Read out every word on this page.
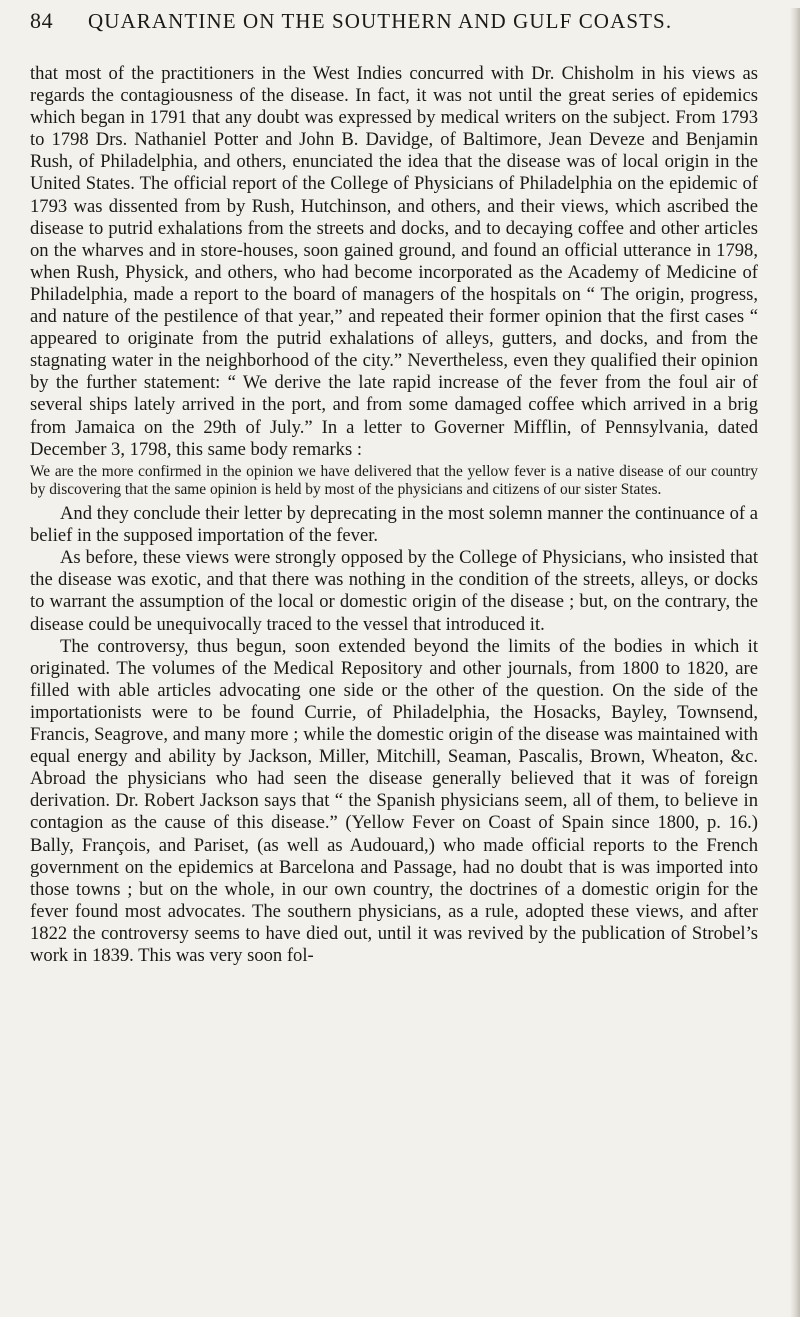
84	QUARANTINE ON THE SOUTHERN AND GULF COASTS.

that most of the practitioners in the West Indies concurred with Dr. Chisholm in his views as regards the contagiousness of the disease. In fact, it was not until the great series of epidemics which began in 1791 that any doubt was expressed by medical writers on the subject. From 1793 to 1798 Drs. Nathaniel Potter and John B. Davidge, of Baltimore, Jean Deveze and Benjamin Rush, of Philadelphia, and others, enunciated the idea that the disease was of local origin in the United States. The official report of the College of Physicians of Philadelphia on the epidemic of 1793 was dissented from by Rush, Hutchinson, and others, and their views, which ascribed the disease to putrid exhalations from the streets and docks, and to decaying coffee and other articles on the wharves and in store-houses, soon gained ground, and found an official utterance in 1798, when Rush, Physick, and others, who had become incorporated as the Academy of Medicine of Philadelphia, made a report to the board of managers of the hospitals on “ The origin, progress, and nature of the pestilence of that year,” and repeated their former opinion that the first cases “ appeared to originate from the putrid exhalations of alleys, gutters, and docks, and from the stagnating water in the neighborhood of the city.” Nevertheless, even they qualified their opinion by the further statement: “ We derive the late rapid increase of the fever from the foul air of several ships lately arrived in the port, and from some damaged coffee which arrived in a brig from Jamaica on the 29th of July.” In a letter to Governer Mifflin, of Pennsylvania, dated December 3, 1798, this same body remarks :

We are the more confirmed in the opinion we have delivered that the yellow fever is a native disease of our country by discovering that the same opinion is held by most of the physicians and citizens of our sister States.

And they conclude their letter by deprecating in the most solemn manner the continuance of a belief in the supposed importation of the fever.

As before, these views were strongly opposed by the College of Physicians, who insisted that the disease was exotic, and that there was nothing in the condition of the streets, alleys, or docks to warrant the assumption of the local or domestic origin of the disease ; but, on the contrary, the disease could be unequivocally traced to the vessel that introduced it.

The controversy, thus begun, soon extended beyond the limits of the bodies in which it originated. The volumes of the Medical Repository and other journals, from 1800 to 1820, are filled with able articles advocating one side or the other of the question. On the side of the importationists were to be found Currie, of Philadelphia, the Hosacks, Bayley, Townsend, Francis, Seagrove, and many more ; while the domestic origin of the disease was maintained with equal energy and ability by Jackson, Miller, Mitchill, Seaman, Pascalis, Brown, Wheaton, &c. Abroad the physicians who had seen the disease generally believed that it was of foreign derivation. Dr. Robert Jackson says that “ the Spanish physicians seem, all of them, to believe in contagion as the cause of this disease.” (Yellow Fever on Coast of Spain since 1800, p. 16.) Bally, François, and Pariset, (as well as Audouard,) who made official reports to the French government on the epidemics at Barcelona and Passage, had no doubt that is was imported into those towns ; but on the whole, in our own country, the doctrines of a domestic origin for the fever found most advocates. The southern physicians, as a rule, adopted these views, and after 1822 the controversy seems to have died out, until it was revived by the publication of Strobel’s work in 1839. This was very soon fol-
